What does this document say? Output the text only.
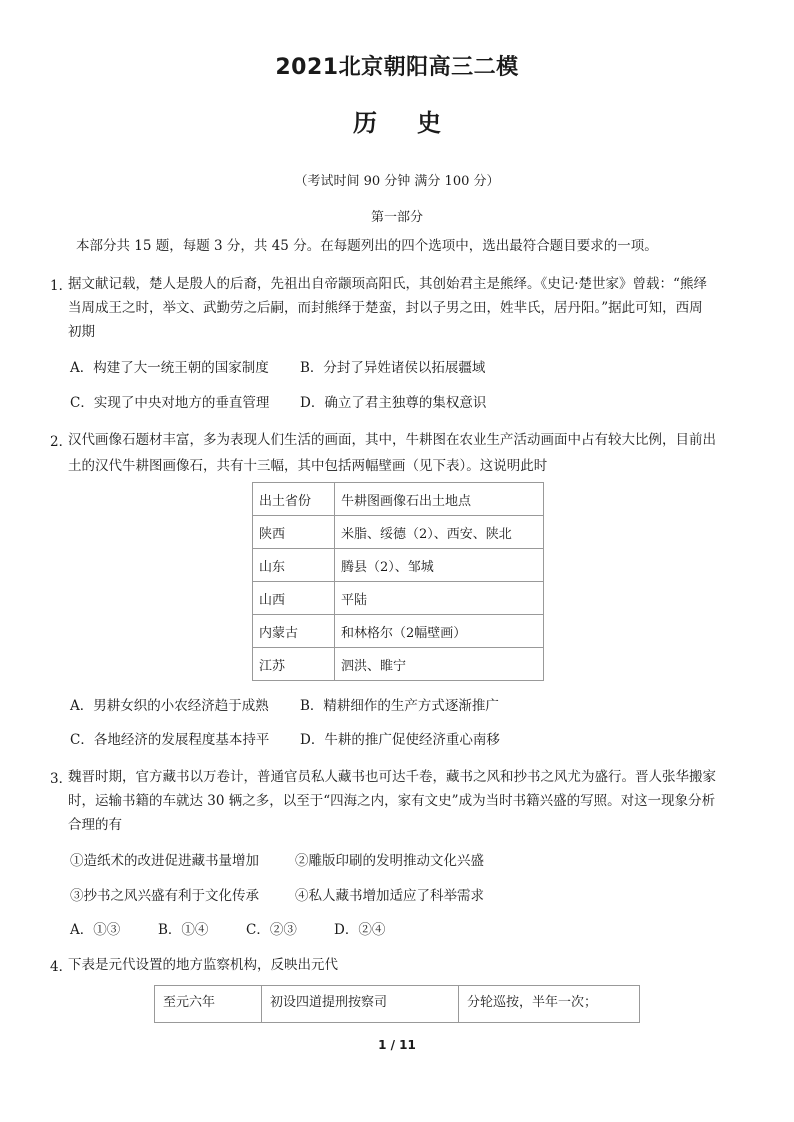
2021北京朝阳高三二模
历史
（考试时间 90 分钟 满分 100 分）
第一部分
本部分共 15 题，每题 3 分，共 45 分。在每题列出的四个选项中，选出最符合题目要求的一项。
1．
据文献记载，楚人是殷人的后裔，先祖出自帝颛顼高阳氏，其创始君主是熊绎。《史记·楚世家》曾载：“熊绎
当周成王之时，举文、武勤劳之后嗣，而封熊绎于楚蛮，封以子男之田，姓芈氏，居丹阳。”据此可知，西周
初期
A．构建了大一统王朝的国家制度 B．分封了异姓诸侯以拓展疆域
C．实现了中央对地方的垂直管理 D．确立了君主独尊的集权意识
2．
汉代画像石题材丰富，多为表现人们生活的画面，其中，牛耕图在农业生产活动画面中占有较大比例，目前出
土的汉代牛耕图画像石，共有十三幅，其中包括两幅壁画（见下表）。这说明此时
出土省份	牛耕图画像石出土地点
陕西	米脂、绥德（2）、西安、陕北
山东	腾县（2）、邹城
山西	平陆
内蒙古	和林格尔（2幅壁画）
江苏	泗洪、睢宁
A．男耕女织的小农经济趋于成熟 B．精耕细作的生产方式逐渐推广
C．各地经济的发展程度基本持平 D．牛耕的推广促使经济重心南移
3．
魏晋时期，官方藏书以万卷计，普通官员私人藏书也可达千卷，藏书之风和抄书之风尤为盛行。晋人张华搬家
时，运输书籍的车就达 30 辆之多，以至于“四海之内，家有文史”成为当时书籍兴盛的写照。对这一现象分析
合理的有
①造纸术的改进促进藏书量增加	②雕版印刷的发明推动文化兴盛
③抄书之风兴盛有利于文化传承	④私人藏书增加适应了科举需求
A．①③	B．①④	C．②③	D．②④
4．
下表是元代设置的地方监察机构，反映出元代
至元六年	初设四道提刑按察司	分轮巡按，半年一次；
1 / 11
